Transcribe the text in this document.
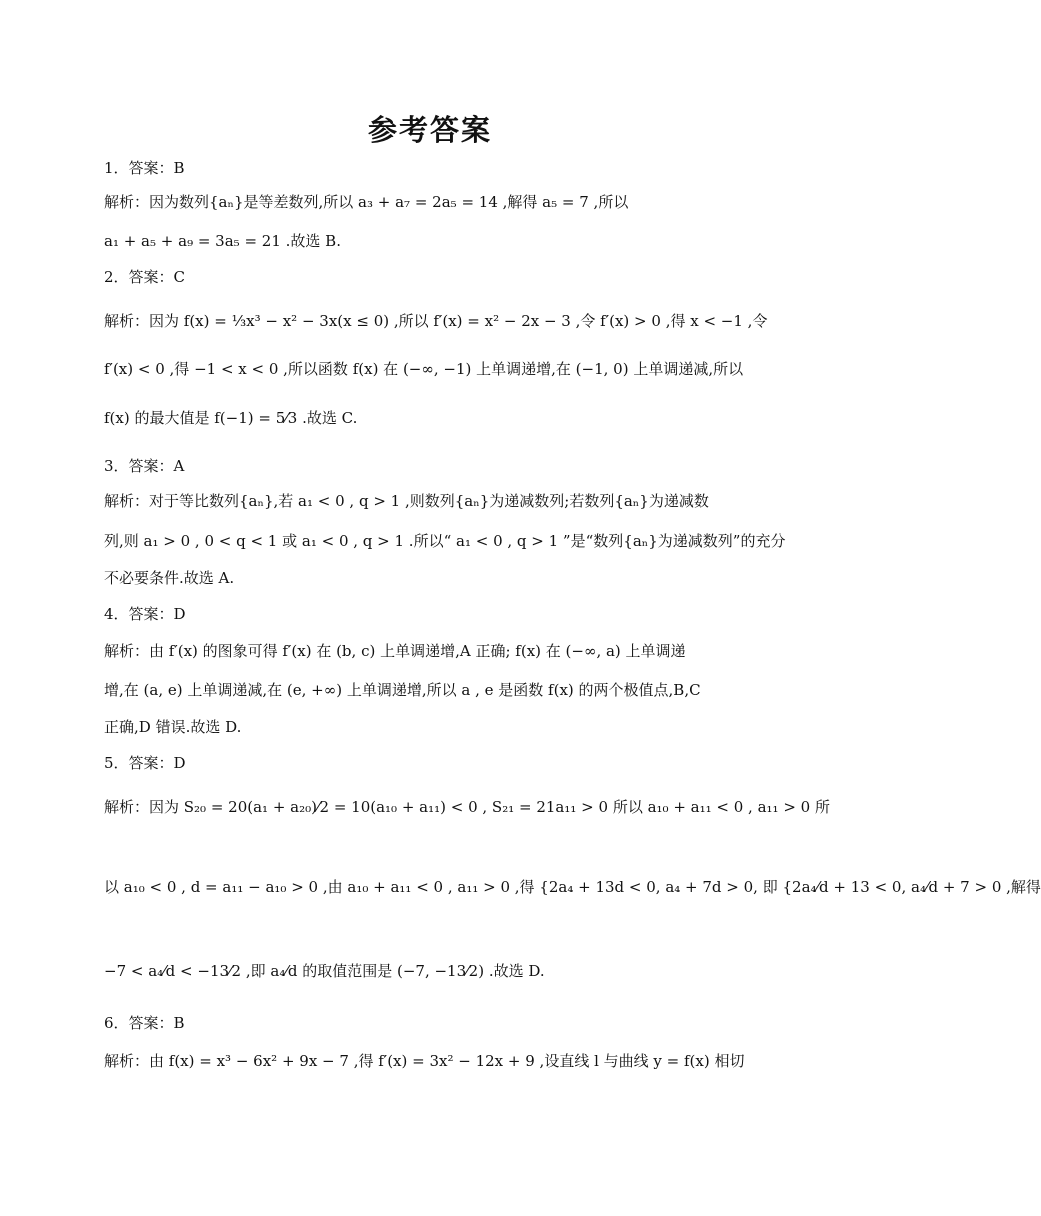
参考答案
1．答案：B
解析：因为数列{aₙ}是等差数列,所以 a₃ + a₇ = 2a₅ = 14 ,解得 a₅ = 7 ,所以
a₁ + a₅ + a₉ = 3a₅ = 21 .故选 B.
2．答案：C
解析：因为 f(x) = ⅓x³ − x² − 3x(x ≤ 0) ,所以 f′(x) = x² − 2x − 3 ,令 f′(x) > 0 ,得 x < −1 ,令
f′(x) < 0 ,得 −1 < x < 0 ,所以函数 f(x) 在 (−∞, −1) 上单调递增,在 (−1, 0) 上单调递减,所以
f(x) 的最大值是 f(−1) = 5⁄3 .故选 C.
3．答案：A
解析：对于等比数列{aₙ},若 a₁ < 0 , q > 1 ,则数列{aₙ}为递减数列;若数列{aₙ}为递减数
列,则 a₁ > 0 , 0 < q < 1 或 a₁ < 0 , q > 1 .所以“ a₁ < 0 , q > 1 ”是“数列{aₙ}为递减数列”的充分
不必要条件.故选 A.
4．答案：D
解析：由 f′(x) 的图象可得 f′(x) 在 (b, c) 上单调递增,A 正确; f(x) 在 (−∞, a) 上单调递
增,在 (a, e) 上单调递减,在 (e, +∞) 上单调递增,所以 a , e 是函数 f(x) 的两个极值点,B,C
正确,D 错误.故选 D.
5．答案：D
解析：因为 S₂₀ = 20(a₁ + a₂₀)⁄2 = 10(a₁₀ + a₁₁) < 0 , S₂₁ = 21a₁₁ > 0 所以 a₁₀ + a₁₁ < 0 , a₁₁ > 0 所
以 a₁₀ < 0 , d = a₁₁ − a₁₀ > 0 ,由 a₁₀ + a₁₁ < 0 , a₁₁ > 0 ,得 {2a₄ + 13d < 0, a₄ + 7d > 0, 即 {2a₄⁄d + 13 < 0, a₄⁄d + 7 > 0 ,解得
−7 < a₄⁄d < −13⁄2 ,即 a₄⁄d 的取值范围是 (−7, −13⁄2) .故选 D.
6．答案：B
解析：由 f(x) = x³ − 6x² + 9x − 7 ,得 f′(x) = 3x² − 12x + 9 ,设直线 l 与曲线 y = f(x) 相切
